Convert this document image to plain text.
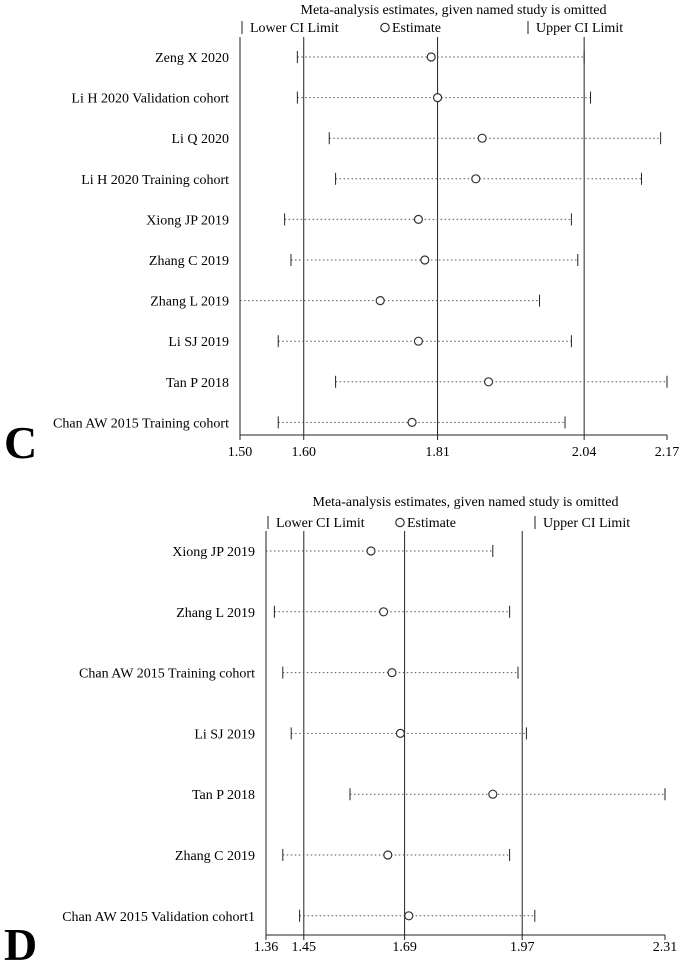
Meta-analysis estimates, given named study is omitted
Lower CI Limit	Estimate	Upper CI Limit
Zeng X 2020
Li H 2020 Validation cohort
Li Q 2020
Li H 2020 Training cohort
Xiong JP 2019
Zhang C 2019
Zhang L 2019
Li SJ 2019
Tan P 2018
Chan AW 2015 Training cohort
1.50	1.60	1.81	2.04	2.17
C
Meta-analysis estimates, given named study is omitted
Lower CI Limit	Estimate	Upper CI Limit
Xiong JP 2019
Zhang L 2019
Chan AW 2015 Training cohort
Li SJ 2019
Tan P 2018
Zhang C 2019
Chan AW 2015 Validation cohort1
1.36 1.45	1.69	1.97	2.31
D
